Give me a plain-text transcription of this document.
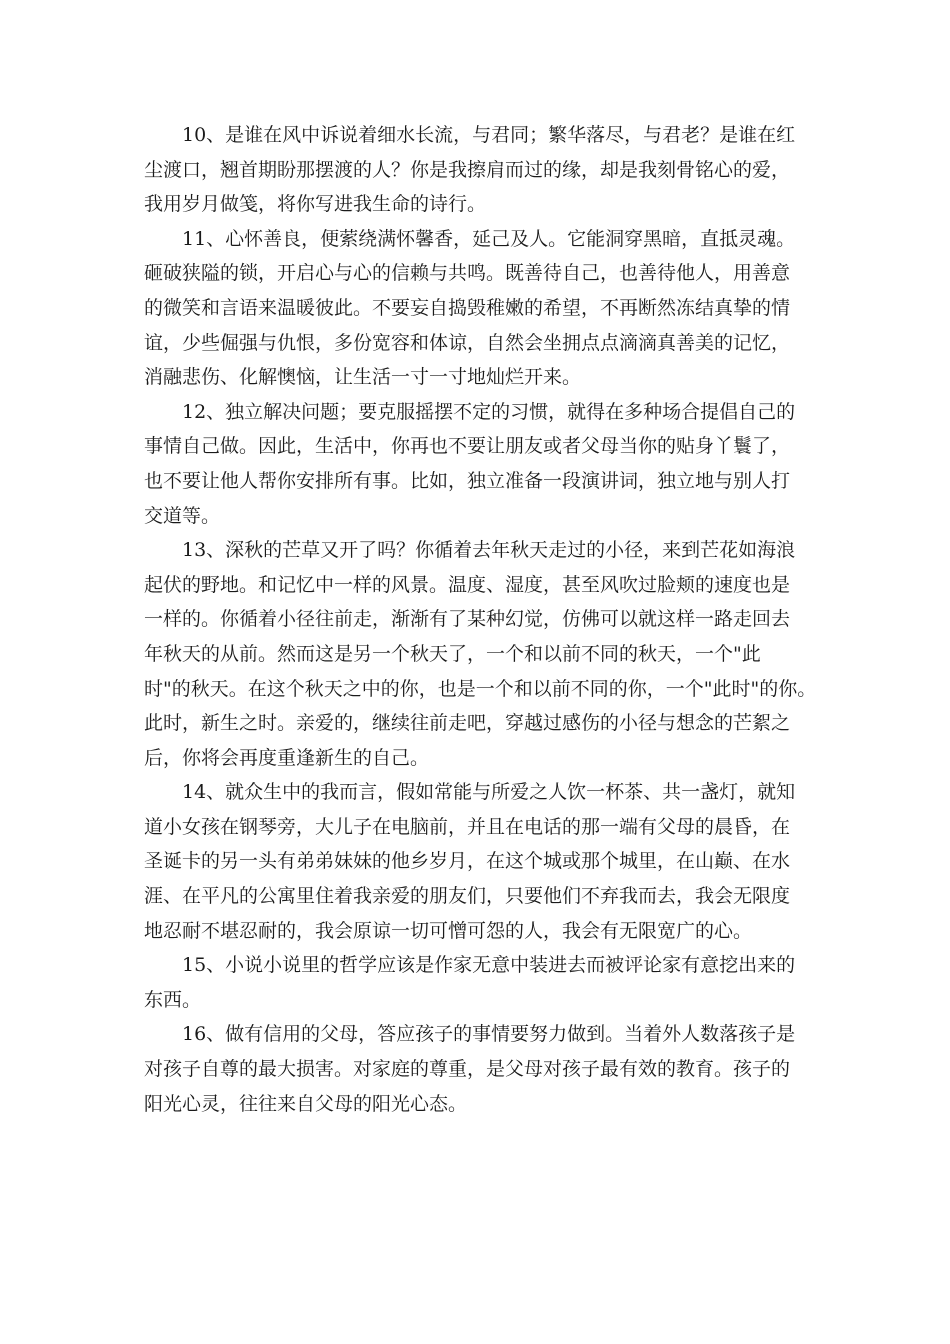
10、是谁在风中诉说着细水长流，与君同；繁华落尽，与君老？是谁在红
尘渡口，翘首期盼那摆渡的人？你是我擦肩而过的缘，却是我刻骨铭心的爱，
我用岁月做笺，将你写进我生命的诗行。

11、心怀善良，便萦绕满怀馨香，延己及人。它能洞穿黑暗，直抵灵魂。
砸破狭隘的锁，开启心与心的信赖与共鸣。既善待自己，也善待他人，用善意
的微笑和言语来温暖彼此。不要妄自捣毁稚嫩的希望，不再断然冻结真挚的情
谊，少些倔强与仇恨，多份宽容和体谅，自然会坐拥点点滴滴真善美的记忆，
消融悲伤、化解懊恼，让生活一寸一寸地灿烂开来。

12、独立解决问题；要克服摇摆不定的习惯，就得在多种场合提倡自己的
事情自己做。因此，生活中，你再也不要让朋友或者父母当你的贴身丫鬟了，
也不要让他人帮你安排所有事。比如，独立准备一段演讲词，独立地与别人打
交道等。

13、深秋的芒草又开了吗？你循着去年秋天走过的小径，来到芒花如海浪
起伏的野地。和记忆中一样的风景。温度、湿度，甚至风吹过脸颊的速度也是
一样的。你循着小径往前走，渐渐有了某种幻觉，仿佛可以就这样一路走回去
年秋天的从前。然而这是另一个秋天了，一个和以前不同的秋天，一个"此
时"的秋天。在这个秋天之中的你，也是一个和以前不同的你，一个"此时"的你。
此时，新生之时。亲爱的，继续往前走吧，穿越过感伤的小径与想念的芒絮之
后，你将会再度重逢新生的自己。

14、就众生中的我而言，假如常能与所爱之人饮一杯茶、共一盏灯，就知
道小女孩在钢琴旁，大儿子在电脑前，并且在电话的那一端有父母的晨昏，在
圣诞卡的另一头有弟弟妹妹的他乡岁月，在这个城或那个城里，在山巅、在水
涯、在平凡的公寓里住着我亲爱的朋友们，只要他们不弃我而去，我会无限度
地忍耐不堪忍耐的，我会原谅一切可憎可怨的人，我会有无限宽广的心。

15、小说小说里的哲学应该是作家无意中装进去而被评论家有意挖出来的
东西。

16、做有信用的父母，答应孩子的事情要努力做到。当着外人数落孩子是
对孩子自尊的最大损害。对家庭的尊重，是父母对孩子最有效的教育。孩子的
阳光心灵，往往来自父母的阳光心态。
